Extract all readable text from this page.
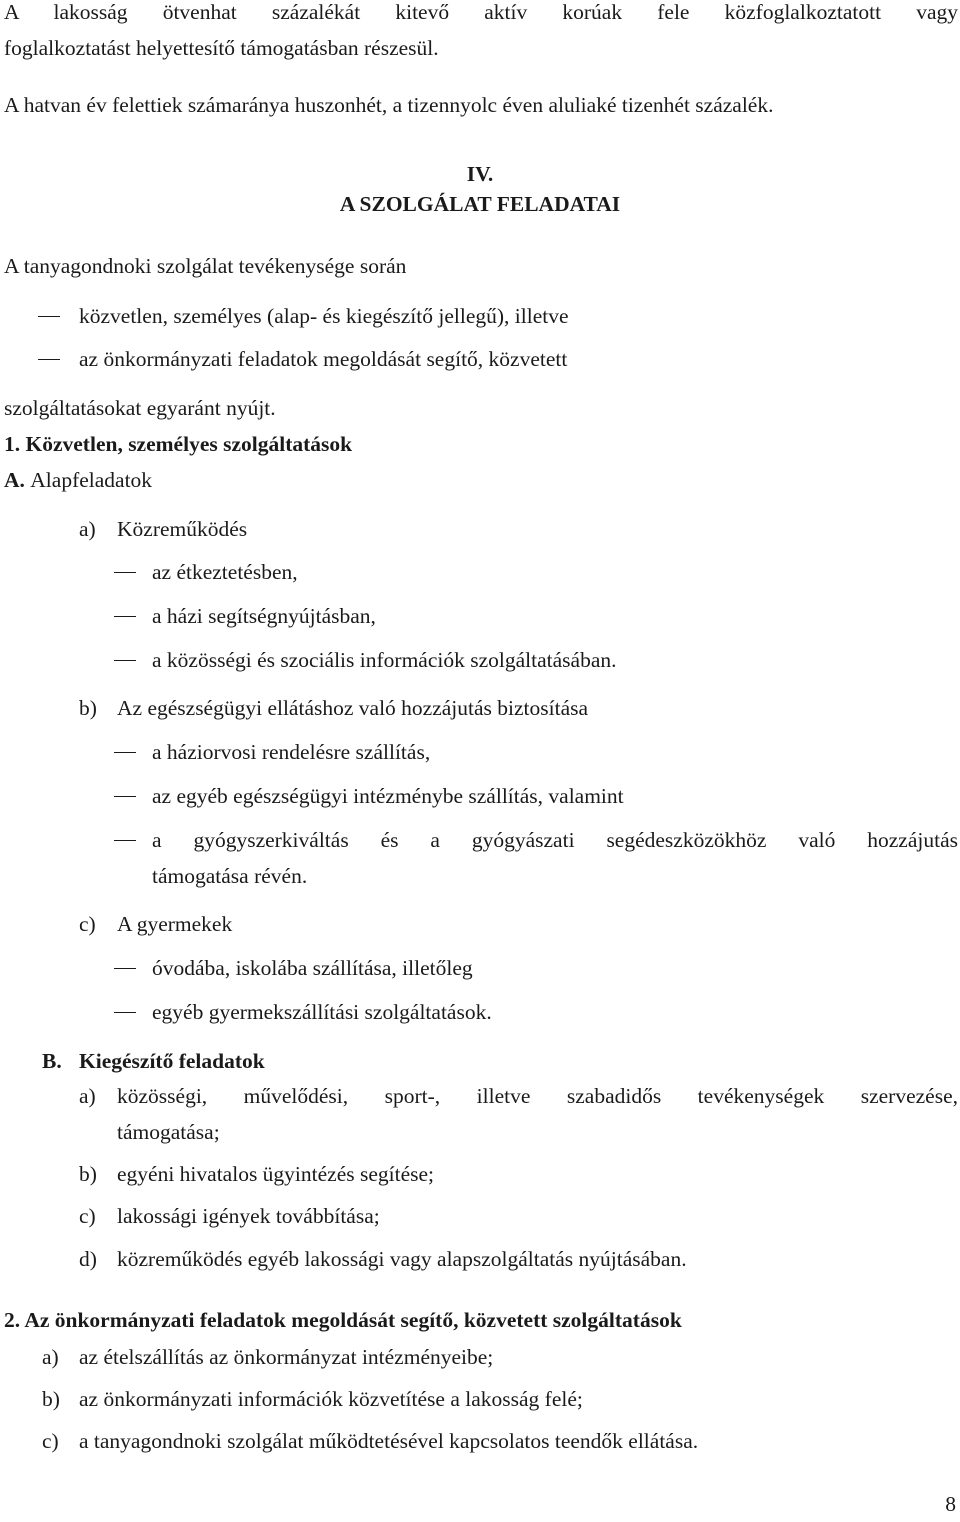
A lakosság ötvenhat százalékát kitevő aktív korúak fele közfoglalkoztatott vagy
foglalkoztatást helyettesítő támogatásban részesül.
A hatvan év felettiek számaránya huszonhét, a tizennyolc éven aluliaké tizenhét százalék.
IV.
A SZOLGÁLAT FELADATAI
A tanyagondnoki szolgálat tevékenysége során
közvetlen, személyes (alap- és kiegészítő jellegű), illetve
az önkormányzati feladatok megoldását segítő, közvetett
szolgáltatásokat egyaránt nyújt.
1. Közvetlen, személyes szolgáltatások
A. Alapfeladatok
a) Közreműködés
az étkeztetésben,
a házi segítségnyújtásban,
a közösségi és szociális információk szolgáltatásában.
b) Az egészségügyi ellátáshoz való hozzájutás biztosítása
a háziorvosi rendelésre szállítás,
az egyéb egészségügyi intézménybe szállítás, valamint
a gyógyszerkiváltás és a gyógyászati segédeszközökhöz való hozzájutás
támogatása révén.
c) A gyermekek
óvodába, iskolába szállítása, illetőleg
egyéb gyermekszállítási szolgáltatások.
B. Kiegészítő feladatok
a) közösségi, művelődési, sport-, illetve szabadidős tevékenységek szervezése,
támogatása;
b) egyéni hivatalos ügyintézés segítése;
c) lakossági igények továbbítása;
d) közreműködés egyéb lakossági vagy alapszolgáltatás nyújtásában.
2. Az önkormányzati feladatok megoldását segítő, közvetett szolgáltatások
a) az ételszállítás az önkormányzat intézményeibe;
b) az önkormányzati információk közvetítése a lakosság felé;
c) a tanyagondnoki szolgálat működtetésével kapcsolatos teendők ellátása.
8
